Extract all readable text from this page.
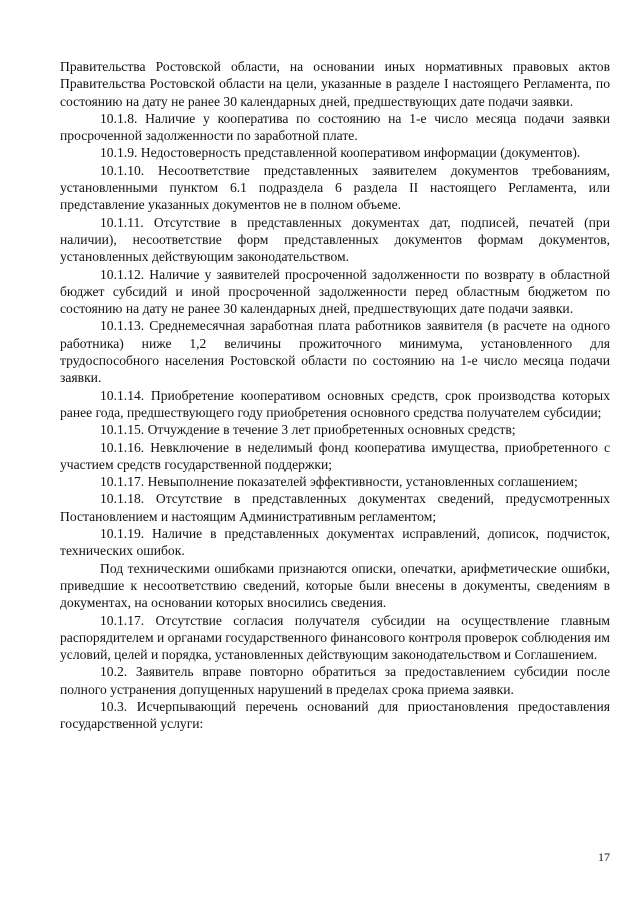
Правительства Ростовской области, на основании иных нормативных правовых актов Правительства Ростовской области на цели, указанные в разделе I настоящего Регламента, по состоянию на дату не ранее 30 календарных дней, предшествующих дате подачи заявки.

10.1.8. Наличие у кооператива по состоянию на 1-е число месяца подачи заявки просроченной задолженности по заработной плате.

10.1.9. Недостоверность представленной кооперативом информации (документов).

10.1.10. Несоответствие представленных заявителем документов требованиям, установленными пунктом 6.1 подраздела 6 раздела II настоящего Регламента, или представление указанных документов не в полном объеме.

10.1.11. Отсутствие в представленных документах дат, подписей, печатей (при наличии), несоответствие форм представленных документов формам документов, установленных действующим законодательством.

10.1.12. Наличие у заявителей просроченной задолженности по возврату в областной бюджет субсидий и иной просроченной задолженности перед областным бюджетом по состоянию на дату не ранее 30 календарных дней, предшествующих дате подачи заявки.

10.1.13. Среднемесячная заработная плата работников заявителя (в расчете на одного работника) ниже 1,2 величины прожиточного минимума, установленного для трудоспособного населения Ростовской области по состоянию на 1-е число месяца подачи заявки.

10.1.14. Приобретение кооперативом основных средств, срок производства которых ранее года, предшествующего году приобретения основного средства получателем субсидии;

10.1.15. Отчуждение в течение 3 лет приобретенных основных средств;

10.1.16. Невключение в неделимый фонд кооператива имущества, приобретенного с участием средств государственной поддержки;

10.1.17. Невыполнение показателей эффективности, установленных соглашением;

10.1.18. Отсутствие в представленных документах сведений, предусмотренных Постановлением и настоящим Административным регламентом;

10.1.19. Наличие в представленных документах исправлений, дописок, подчисток, технических ошибок.

Под техническими ошибками признаются описки, опечатки, арифметические ошибки, приведшие к несоответствию сведений, которые были внесены в документы, сведениям в документах, на основании которых вносились сведения.

10.1.17. Отсутствие согласия получателя субсидии на осуществление главным распорядителем и органами государственного финансового контроля проверок соблюдения им условий, целей и порядка, установленных действующим законодательством и Соглашением.

10.2. Заявитель вправе повторно обратиться за предоставлением субсидии после полного устранения допущенных нарушений в пределах срока приема заявки.

10.3. Исчерпывающий перечень оснований для приостановления предоставления государственной услуги:

17
